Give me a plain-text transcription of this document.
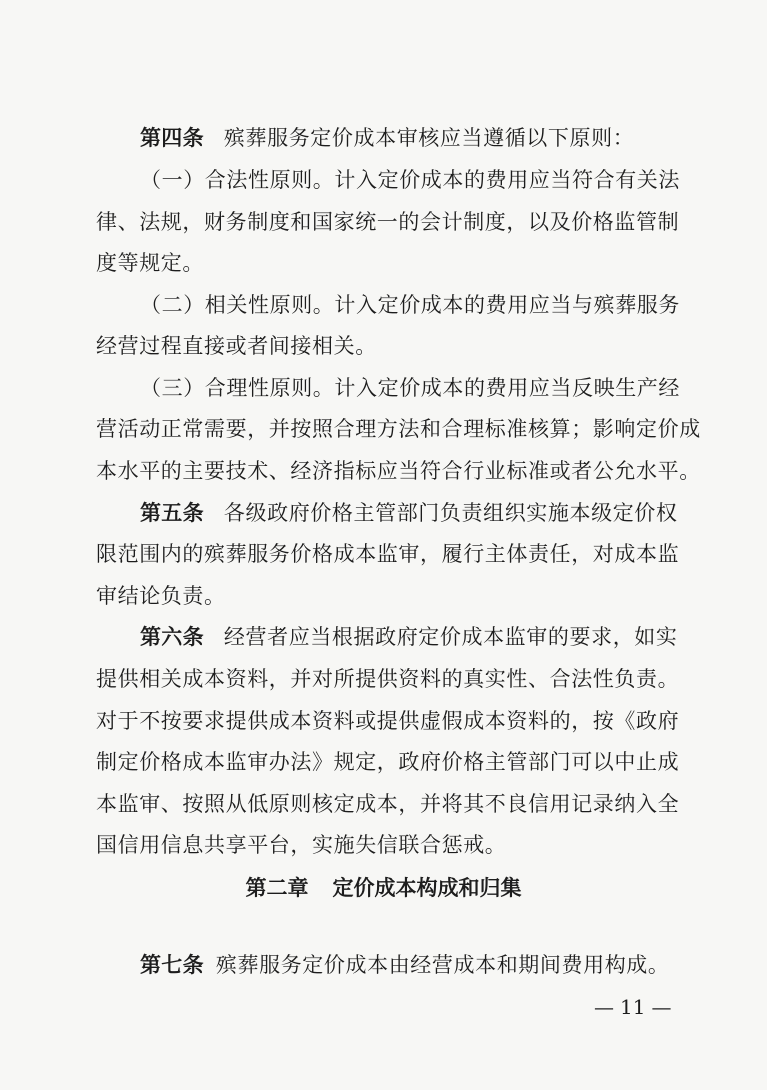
第四条 殡葬服务定价成本审核应当遵循以下原则：
（一）合法性原则。计入定价成本的费用应当符合有关法
律、法规，财务制度和国家统一的会计制度，以及价格监管制
度等规定。
（二）相关性原则。计入定价成本的费用应当与殡葬服务
经营过程直接或者间接相关。
（三）合理性原则。计入定价成本的费用应当反映生产经
营活动正常需要，并按照合理方法和合理标准核算；影响定价成
本水平的主要技术、经济指标应当符合行业标准或者公允水平。
第五条 各级政府价格主管部门负责组织实施本级定价权
限范围内的殡葬服务价格成本监审，履行主体责任，对成本监
审结论负责。
第六条 经营者应当根据政府定价成本监审的要求，如实
提供相关成本资料，并对所提供资料的真实性、合法性负责。
对于不按要求提供成本资料或提供虚假成本资料的，按《政府
制定价格成本监审办法》规定，政府价格主管部门可以中止成
本监审、按照从低原则核定成本，并将其不良信用记录纳入全
国信用信息共享平台，实施失信联合惩戒。
第二章 定价成本构成和归集
第七条 殡葬服务定价成本由经营成本和期间费用构成。
— 11 —
